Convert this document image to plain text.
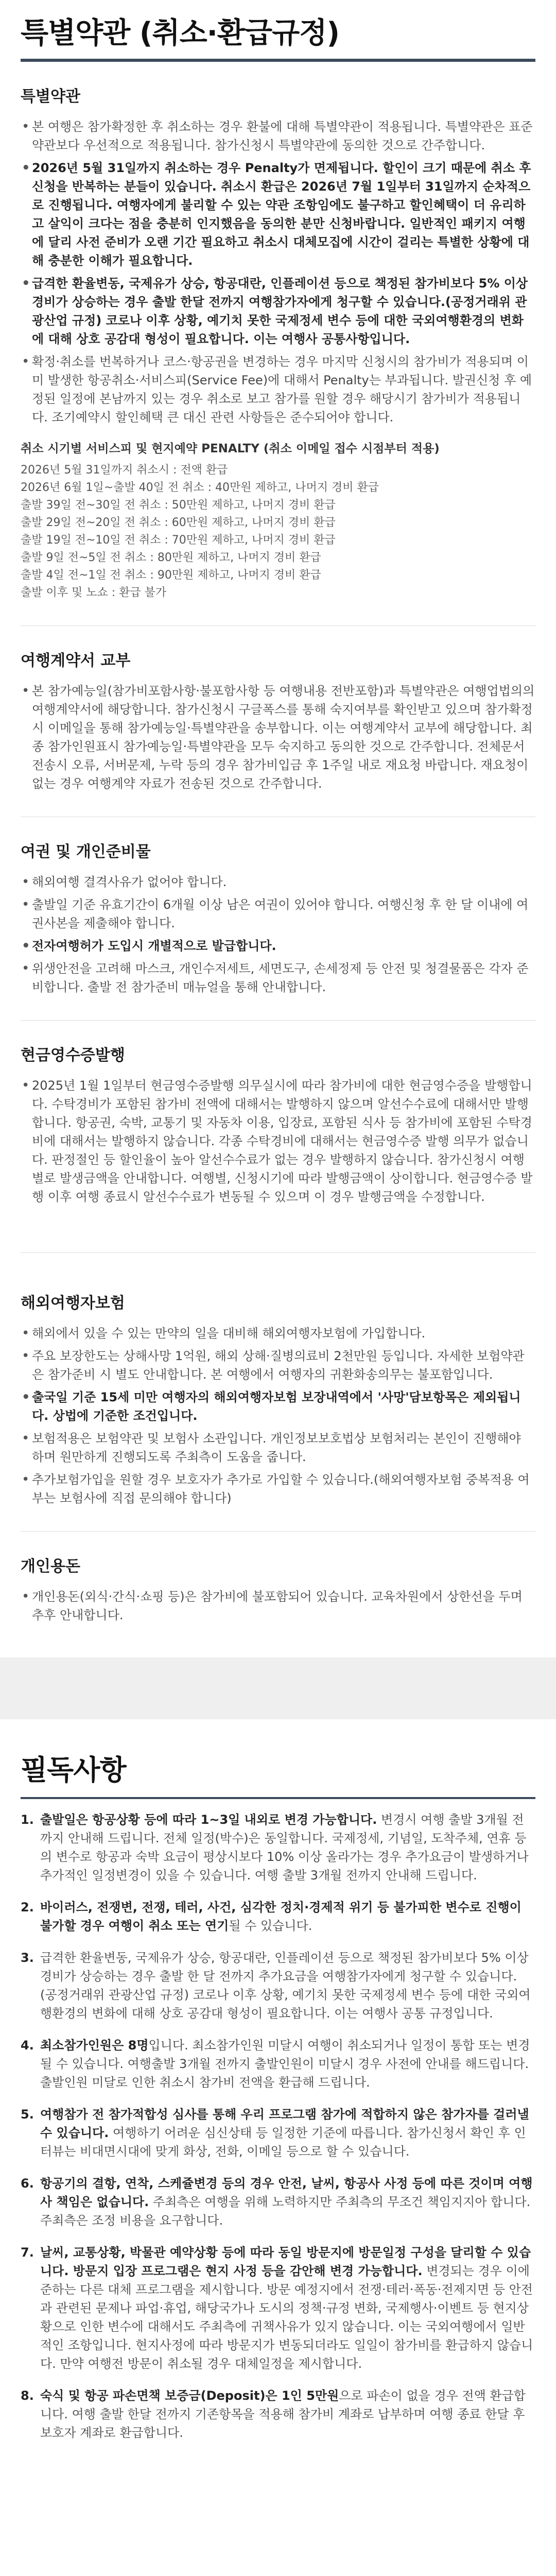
특별약관 (취소·환급규정)
특별약관
• 본 여행은 참가확정한 후 취소하는 경우 환불에 대해 특별약관이 적용됩니다. 특별약관은 표준약관보다 우선적으로 적용됩니다. 참가신청시 특별약관에 동의한 것으로 간주합니다.
• 2026년 5월 31일까지 취소하는 경우 Penalty가 면제됩니다. 할인이 크기 때문에 취소 후 신청을 반복하는 분들이 있습니다. 취소시 환급은 2026년 7월 1일부터 31일까지 순차적으로 진행됩니다. 여행자에게 불리할 수 있는 약관 조항임에도 불구하고 할인혜택이 더 유리하고 살익이 크다는 점을 충분히 인지했음을 동의한 분만 신청바랍니다. 일반적인 패키지 여행에 달리 사전 준비가 오랜 기간 필요하고 취소시 대체모집에 시간이 걸리는 특별한 상황에 대해 충분한 이해가 필요합니다.
• 급격한 환율변동, 국제유가 상승, 항공대란, 인플레이션 등으로 책정된 참가비보다 5% 이상 경비가 상승하는 경우 출발 한달 전까지 여행참가자에게 청구할 수 있습니다.(공정거래위 관광산업 규정) 코로나 이후 상황, 예기치 못한 국제정세 변수 등에 대한 국외여행환경의 변화에 대해 상호 공감대 형성이 필요합니다. 이는 여행사 공통사항입니다.
• 확정·취소를 번복하거나 코스·항공권을 변경하는 경우 마지막 신청시의 참가비가 적용되며 이미 발생한 항공취소·서비스피(Service Fee)에 대해서 Penalty는 부과됩니다. 발권신청 후 예정된 일정에 본남까지 있는 경우 취소로 보고 참가를 원할 경우 해당시기 참가비가 적용됩니다. 조기예약시 할인혜택 큰 대신 관련 사항들은 준수되어야 합니다.
취소 시기별 서비스피 및 현지예약 PENALTY (취소 이메일 접수 시점부터 적용)
2026년 5월 31일까지 취소시 : 전액 환급
2026년 6월 1일~출발 40일 전 취소 : 40만원 제하고, 나머지 경비 환급
출발 39일 전~30일 전 취소 : 50만원 제하고, 나머지 경비 환급
출발 29일 전~20일 전 취소 : 60만원 제하고, 나머지 경비 환급
출발 19일 전~10일 전 취소 : 70만원 제하고, 나머지 경비 환급
출발 9일 전~5일 전 취소 : 80만원 제하고, 나머지 경비 환급
출발 4일 전~1일 전 취소 : 90만원 제하고, 나머지 경비 환급
출발 이후 및 노쇼 : 환급 불가
여행계약서 교부
• 본 참가예능일(참가비포함사항·불포함사항 등 여행내용 전반포함)과 특별약관은 여행업법의의 여행계약서에 해당합니다. 참가신청시 구글폭스를 통해 숙지여부를 확인받고 있으며 참가확정시 이메일을 통해 참가예능일·특별약관을 송부합니다. 이는 여행계약서 교부에 해당합니다. 최종 참가인원표시 참가예능일·특별약관을 모두 숙지하고 동의한 것으로 간주합니다. 전체문서 전송시 오류, 서버문제, 누락 등의 경우 참가비입금 후 1주일 내로 재요청 바랍니다. 재요청이 없는 경우 여행계약 자료가 전송된 것으로 간주합니다.
여권 및 개인준비물
• 해외여행 결격사유가 없어야 합니다.
• 출발일 기준 유효기간이 6개월 이상 남은 여권이 있어야 합니다. 여행신청 후 한 달 이내에 여권사본을 제출해야 합니다.
• 전자여행허가 도입시 개별적으로 발급합니다.
• 위생안전을 고려해 마스크, 개인수저세트, 세면도구, 손세정제 등 안전 및 청결물품은 각자 준비합니다. 출발 전 참가준비 매뉴얼을 통해 안내합니다.
현금영수증발행
• 2025년 1월 1일부터 현금영수증발행 의무실시에 따라 참가비에 대한 현금영수증을 발행합니다. 수탁경비가 포함된 참가비 전액에 대해서는 발행하지 않으며 알선수수료에 대해서만 발행합니다. 항공권, 숙박, 교통기 및 자동차 이용, 입장료, 포함된 식사 등 참가비에 포함된 수탁경비에 대해서는 발행하지 않습니다. 각종 수탁경비에 대해서는 현금영수증 발행 의무가 없습니다. 판정절인 등 할인율이 높아 알선수수료가 없는 경우 발행하지 않습니다. 참가신청시 여행별로 발생금액을 안내합니다. 여행별, 신청시기에 따라 발행금액이 상이합니다. 현금영수증 발행 이후 여행 종료시 알선수수료가 변동될 수 있으며 이 경우 발행금액을 수정합니다.
해외여행자보험
• 해외에서 있을 수 있는 만약의 일을 대비해 해외여행자보험에 가입합니다.
• 주요 보장한도는 상해사망 1억원, 해외 상해·질병의료비 2천만원 등입니다. 자세한 보험약관은 참가준비 시 별도 안내합니다. 본 여행에서 여행자의 귀환화송의무는 불포함입니다.
• 출국일 기준 15세 미만 여행자의 해외여행자보험 보장내역에서 '사망'담보항목은 제외됩니다. 상법에 기준한 조건입니다.
• 보험적용은 보험약관 및 보험사 소관입니다. 개인정보보호법상 보험처리는 본인이 진행해야 하며 원만하게 진행되도록 주최측이 도움을 줍니다.
• 추가보험가입을 원할 경우 보호자가 추가로 가입할 수 있습니다.(해외여행자보험 중복적용 여부는 보험사에 직접 문의해야 합니다)
개인용돈
• 개인용돈(외식·간식·쇼핑 등)은 참가비에 불포함되어 있습니다. 교육차원에서 상한선을 두며 추후 안내합니다.
필독사항
1. 출발일은 항공상황 등에 따라 1~3일 내외로 변경 가능합니다. 변경시 여행 출발 3개월 전까지 안내해 드립니다. 전체 일정(박수)은 동일합니다. 국제정세, 기념일, 도착주체, 연휴 등의 변수로 항공과 숙박 요금이 평상시보다 10% 이상 올라가는 경우 추가요금이 발생하거나 추가적인 일정변경이 있을 수 있습니다. 여행 출발 3개월 전까지 안내해 드립니다.
2. 바이러스, 전쟁변, 전쟁, 테러, 사건, 심각한 정치·경제적 위기 등 불가피한 변수로 진행이 불가할 경우 여행이 취소 또는 연기될 수 있습니다.
3. 급격한 환율변동, 국제유가 상승, 항공대란, 인플레이션 등으로 책정된 참가비보다 5% 이상 경비가 상승하는 경우 출발 한 달 전까지 추가요금을 여행참가자에게 청구할 수 있습니다. (공정거래위 관광산업 규정) 코로나 이후 상황, 예기치 못한 국제정세 변수 등에 대한 국외여행환경의 변화에 대해 상호 공감대 형성이 필요합니다. 이는 여행사 공통 규정입니다.
4. 최소참가인원은 8명입니다. 최소참가인원 미달시 여행이 취소되거나 일정이 통합 또는 변경될 수 있습니다. 여행출발 3개월 전까지 출발인원이 미달시 경우 사전에 안내를 해드립니다. 출발인원 미달로 인한 취소시 참가비 전액을 환급해 드립니다.
5. 여행참가 전 참가적합성 심사를 통해 우리 프로그램 참가에 적합하지 않은 참가자를 걸러낼 수 있습니다. 여행하기 어려운 심신상태 등 일정한 기준에 따릅니다. 참가신청서 확인 후 인터뷰는 비대면시대에 맞게 화상, 전화, 이메일 등으로 할 수 있습니다.
6. 항공기의 결항, 연착, 스케쥴변경 등의 경우 안전, 날씨, 항공사 사정 등에 따른 것이며 여행사 책임은 없습니다. 주최측은 여행을 위해 노력하지만 주최측의 무조건 책임지지아 합니다. 주최측은 조정 비용을 요구합니다.
7. 날씨, 교통상황, 박물관 예약상황 등에 따라 동일 방문지에 방문일정 구성을 달리할 수 있습니다. 방문지 입장 프로그램은 현지 사정 등을 감안해 변경 가능합니다. 변경되는 경우 이에 준하는 다른 대체 프로그램을 제시합니다. 방문 예정지에서 전쟁·테러·폭동·전제지면 등 안전과 관련된 문제나 파업·휴업, 해당국가나 도시의 정책·규정 변화, 국제행사·이벤트 등 현지상황으로 인한 변수에 대해서도 주최측에 귀책사유가 있지 않습니다. 이는 국외여행에서 일반적인 조항입니다. 현지사정에 따라 방문지가 변동되더라도 일일이 참가비를 환급하지 않습니다. 만약 여행전 방문이 취소될 경우 대체일정을 제시합니다.
8. 숙식 및 항공 파손면책 보증금(Deposit)은 1인 5만원으로 파손이 없을 경우 전액 환급합니다. 여행 출발 한달 전까지 기존항목을 적용해 참가비 계좌로 납부하며 여행 종료 한달 후 보호자 계좌로 환급합니다.
